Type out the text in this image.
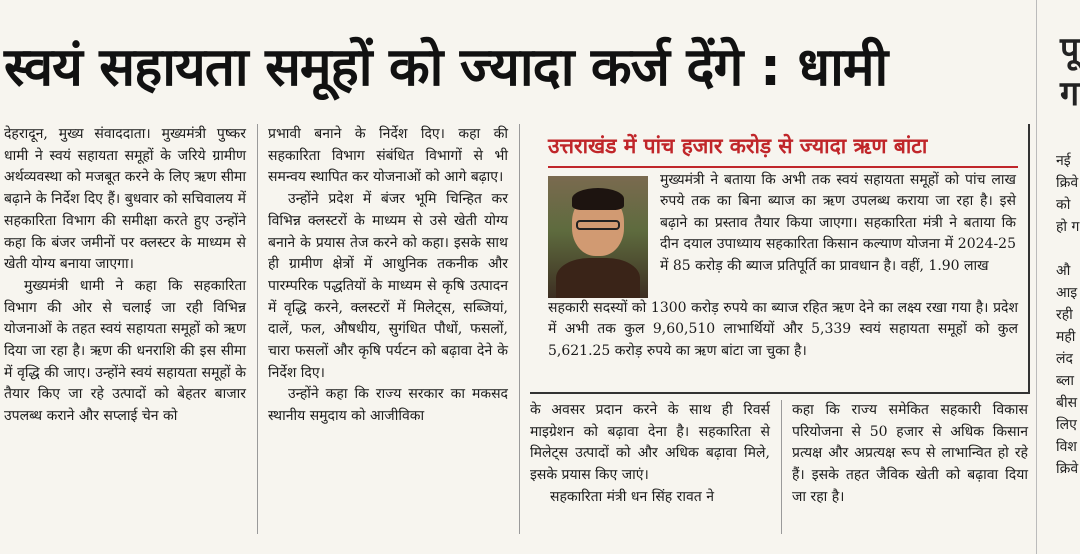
स्वयं सहायता समूहों को ज्यादा कर्ज देंगे : धामी

देहरादून, मुख्य संवाददाता। मुख्यमंत्री पुष्कर धामी ने स्वयं सहायता समूहों के जरिये ग्रामीण अर्थव्यवस्था को मजबूत करने के लिए ऋण सीमा बढ़ाने के निर्देश दिए हैं। बुधवार को सचिवालय में सहकारिता विभाग की समीक्षा करते हुए उन्होंने कहा कि बंजर जमीनों पर क्लस्टर के माध्यम से खेती योग्य बनाया जाएगा।

मुख्यमंत्री धामी ने कहा कि सहकारिता विभाग की ओर से चलाई जा रही विभिन्न योजनाओं के तहत स्वयं सहायता समूहों को ऋण दिया जा रहा है। ऋण की धनराशि की इस सीमा में वृद्धि की जाए। उन्होंने स्वयं सहायता समूहों के तैयार किए जा रहे उत्पादों को बेहतर बाजार उपलब्ध कराने और सप्लाई चेन को

प्रभावी बनाने के निर्देश दिए। कहा की सहकारिता विभाग संबंधित विभागों से भी समन्वय स्थापित कर योजनाओं को आगे बढ़ाए।

उन्होंने प्रदेश में बंजर भूमि चिन्हित कर विभिन्न क्लस्टरों के माध्यम से उसे खेती योग्य बनाने के प्रयास तेज करने को कहा। इसके साथ ही ग्रामीण क्षेत्रों में आधुनिक तकनीक और पारम्परिक पद्धतियों के माध्यम से कृषि उत्पादन में वृद्धि करने, क्लस्टरों में मिलेट्स, सब्जियां, दालें, फल, औषधीय, सुगंधित पौधों, फसलों, चारा फसलों और कृषि पर्यटन को बढ़ावा देने के निर्देश दिए।

उन्होंने कहा कि राज्य सरकार का मकसद स्थानीय समुदाय को आजीविका

उत्तराखंड में पांच हजार करोड़ से ज्यादा ऋण बांटा

मुख्यमंत्री ने बताया कि अभी तक स्वयं सहायता समूहों को पांच लाख रुपये तक का बिना ब्याज का ऋण उपलब्ध कराया जा रहा है। इसे बढ़ाने का प्रस्ताव तैयार किया जाएगा। सहकारिता मंत्री ने बताया कि दीन दयाल उपाध्याय सहकारिता किसान कल्याण योजना में 2024-25 में 85 करोड़ की ब्याज प्रतिपूर्ति का प्रावधान है। वहीं, 1.90 लाख

सहकारी सदस्यों को 1300 करोड़ रुपये का ब्याज रहित ऋण देने का लक्ष्य रखा गया है। प्रदेश में अभी तक कुल 9,60,510 लाभार्थियों और 5,339 स्वयं सहायता समूहों को कुल 5,621.25 करोड़ रुपये का ऋण बांटा जा चुका है।

के अवसर प्रदान करने के साथ ही रिवर्स माइग्रेशन को बढ़ावा देना है। सहकारिता से मिलेट्स उत्पादों को और अधिक बढ़ावा मिले, इसके प्रयास किए जाएं।

सहकारिता मंत्री धन सिंह रावत ने

कहा कि राज्य समेकित सहकारी विकास परियोजना से 50 हजार से अधिक किसान प्रत्यक्ष और अप्रत्यक्ष रूप से लाभान्वित हो रहे हैं। इसके तहत जैविक खेती को बढ़ावा दिया जा रहा है।

पू
ग
नई
क्रिवे
को
हो ग

औ
आइ
रही
मही
लंद
ब्ला
बीस
लिए
विश
क्रिवे
